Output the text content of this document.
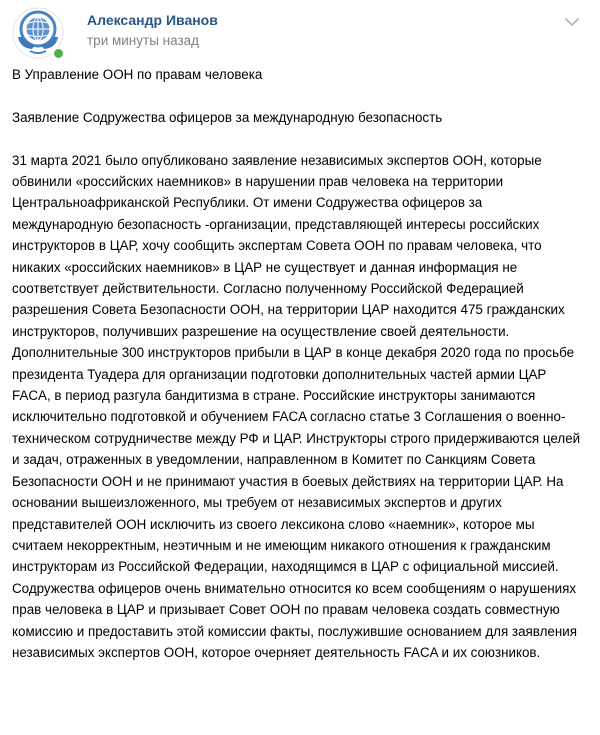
Александр Иванов
три минуты назад

В Управление ООН по правам человека

Заявление Содружества офицеров за международную безопасность

31 марта 2021 было опубликовано заявление независимых экспертов ООН, которые обвинили «российских наемников» в нарушении прав человека на территории Центральноафриканской Республики. От имени Содружества офицеров за международную безопасность -организации, представляющей интересы российских инструкторов в ЦАР, хочу сообщить экспертам Совета ООН по правам человека, что никаких «российских наемников» в ЦАР не существует и данная информация не соответствует действительности. Согласно полученному Российской Федерацией разрешения Совета Безопасности ООН, на территории ЦАР находится 475 гражданских инструкторов, получивших разрешение на осуществление своей деятельности. Дополнительные 300 инструкторов прибыли в ЦАР в конце декабря 2020 года по просьбе президента Туадера для организации подготовки дополнительных частей армии ЦАР FACA, в период разгула бандитизма в стране. Российские инструкторы занимаются исключительно подготовкой и обучением FACA согласно статье 3 Соглашения о военно-техническом сотрудничестве между РФ и ЦАР. Инструкторы строго придерживаются целей и задач, отраженных в уведомлении, направленном в Комитет по Санкциям Совета Безопасности ООН и не принимают участия в боевых действиях на территории ЦАР. На основании вышеизложенного, мы требуем от независимых экспертов и других представителей ООН исключить из своего лексикона слово «наемник», которое мы считаем некорректным, неэтичным и не имеющим никакого отношения к гражданским инструкторам из Российской Федерации, находящимся в ЦАР с официальной миссией. Содружества офицеров очень внимательно относится ко всем сообщениям о нарушениях прав человека в ЦАР и призывает Совет ООН по правам человека создать совместную комиссию и предоставить этой комиссии факты, послужившие основанием для заявления независимых экспертов ООН, которое очерняет деятельность FACA и их союзников.
